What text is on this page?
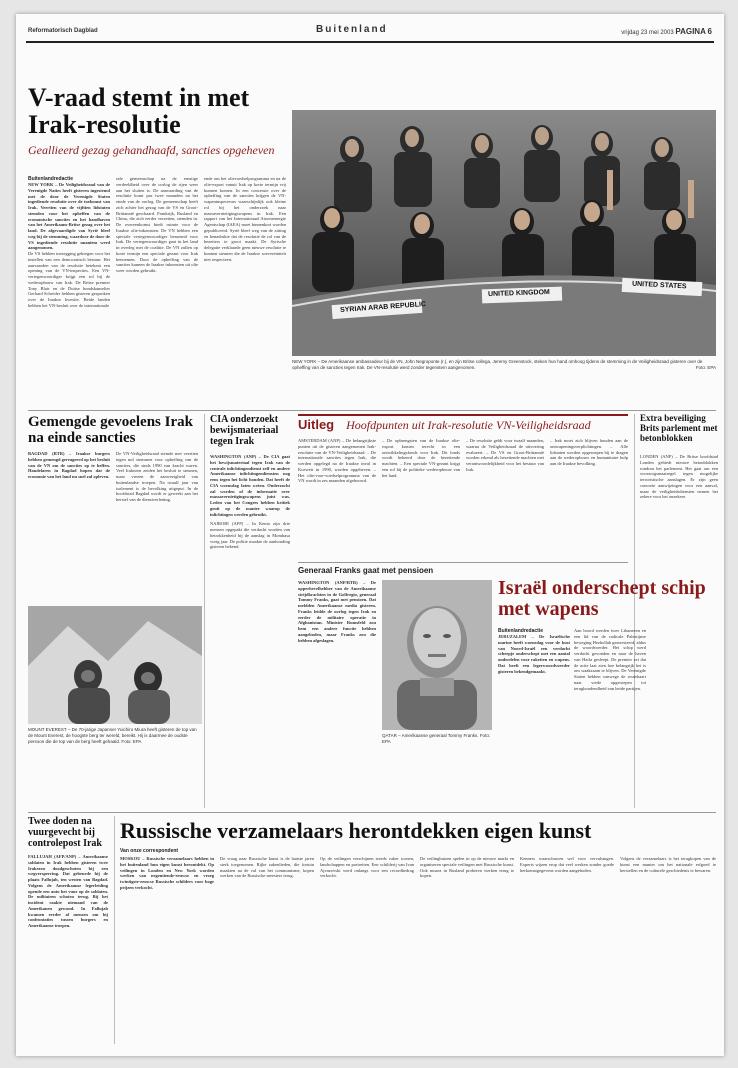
Reformatorisch Dagblad	Buitenland	vrijdag 23 mei 2003 PAGINA 6
V-raad stemt in met Irak-resolutie
Geallieerd gezag gehandhaafd, sancties opgeheven
Buitenlandredactie

NEW YORK – De Veiligheidsraad van de Verenigde Naties heeft gisteren ingestemd met de door de Verenigde Staten ingediende resolutie over de toekomst van Irak. Veertien van de vijftien lidstaten stemden voor het opheffen van de economische sancties en het handhaven van het Amerikaans-Britse gezag over het land. De afgevaardigde van Syrië bleef weg bij de stemming, waardoor de door de VS ingediende resolutie unaniem werd aangenomen.

De VS hebben toezegging gekregen voor het instellen van een democratisch bestuur. Het aanvaarden van de resolutie betekent een opening van de VN-inspecties. Een VN-vertegenwoordiger krijgt een rol bij de wederopbouw van Irak. De Britse premier Tony Blair en de Duitse bondskanselier Gerhard Schröder hebben gisteren gesproken over de Iraakse kwestie. Beide landen hebben het VN-besluit over de internationale

rale gemeenschap na de ernstige verdeeldheid over de oorlog de rijen weer aan het sluiten is. De aanvaarding van de resolutie komt pas twee maanden na het einde van de oorlog. De gemeenschap heeft zich achter het gezag van de VS en Groot-Brittannië geschaard. Frankrijk, Rusland en China, die zich eerder verzetten, stemden in. De overeenkomst biedt ruimte voor de Iraakse olie-inkomsten. De VN hebben een speciale vertegenwoordiger benoemd voor Irak. De vertegenwoordiger gaat in het land in overleg met de coalitie. De VN zullen op korte termijn een speciale gezant voor Irak benoemen. Door de opheffing van de sancties kunnen de Iraakse inkomsten uit olie weer worden gebruikt.

ende om het olievoedselprogramma en na de olie-export vanuit Irak op korte termijn vrij kunnen komen. In een concessie over de opheffing van de sancties krijgen de VN-wapeninspecteurs waarschijnlijk ook kleine rol bij het onderzoek naar massavernietigingswapens in Irak. Een rapport van het Internationaal Atoomenergie Agentschap (IAEA) moet binnenkort worden gepubliceerd. Syrië bleef weg van de zitting en benadrukte dat de resolutie de rol van de bezetters te groot maakt. De Syrische delegatie verklaarde geen nieuwe resolutie te kunnen steunen die de Iraakse soevereiniteit niet respecteert.

SYRIAN ARAB REPUBLIC
UNITED KINGDOM
UNITED STATES
NEW YORK – De Amerikaanse ambassadeur bij de VN, John Negroponte (r.), en zijn Britse collega, Jeremy Greenstock, steken hun hand omhoog tijdens de stemming in de Veiligheidsraad gisteren over de opheffing van de sancties tegen Irak. De VN-resolutie werd zonder tegenstem aangenomen.	Foto: EPA
Gemengde gevoelens Irak na einde sancties

BAGDAD (RTR) – Iraakse burgers hebben gemengd gereageerd op het besluit van de VN om de sancties op te heffen. Handelaren in Bagdad hopen dat de economie van het land nu snel zal opleven.

De VN-Veiligheidsraad stemde met veertien tegen nul stemmen voor opheffing van de sancties, die sinds 1990 van kracht waren. Veel Irakezen zeiden het besluit te steunen, maar vrezen de aanwezigheid van buitenlandse troepen. Na twaalf jaar van isolement is de bevolking uitgeput. In de hoofdstad Bagdad wordt er gewerkt aan het herstel van de dienstverlening.

CIA onderzoekt bewijsmateriaal tegen Irak

WASHINGTON (ANP) – De CIA gaat het bewijsmateriaal tegen Irak van de centrale inlichtingendienst zelf en andere Amerikaanse inlichtingendiensten nog eens tegen het licht houden. Dat heeft de CIA woensdag laten weten. Onderzocht zal worden of de informatie over massavernietigingswapens juist was. Leden van het Congres hebben kritiek geuit op de manier waarop de inlichtingen werden gebruikt.

NAIROBI (AFP) – In Kenia zijn drie mensen opgepakt die verdacht worden van betrokkenheid bij de aanslag in Mombasa vorig jaar. De politie maakte de aanhouding gisteren bekend.

MOUNT EVEREST – De 70-jarige Japanner Yuichiro Miura heeft gisteren de top van de Mount Everest, de hoogste berg ter wereld, bereikt. Hij is daarmee de oudste persoon die de top van de berg heeft gehaald. Foto: EPA
Uitleg Hoofdpunten uit Irak-resolutie VN-Veiligheidsraad

AMSTERDAM (ANP) – De belangrijkste punten uit de gisteren aangenomen Irak-resolutie van de VN-Veiligheidsraad: – De internationale sancties tegen Irak, die werden opgelegd na de Iraakse inval in Koeweit in 1990, worden opgeheven. – Het olie-voor-voedselprogramma van de VN wordt in zes maanden afgebouwd.

– De opbrengsten van de Iraakse olie-export komen terecht in een ontwikkelingsfonds voor Irak. Dit fonds wordt beheerd door de bezettende machten. – Een speciale VN-gezant krijgt een rol bij de politieke wederopbouw van het land.

– De resolutie geldt voor twaalf maanden, waarna de Veiligheidsraad de uitvoering evalueert. – De VS en Groot-Brittannië worden erkend als bezettende machten met verantwoordelijkheid voor het bestuur van Irak.

– Irak moet zich blijven houden aan de ontwapeningsverplichtingen. – Alle lidstaten worden opgeroepen bij te dragen aan de wederopbouw en humanitaire hulp aan de Iraakse bevolking.

Extra beveiliging Brits parlement met betonblokken

LONDEN (ANP) – De Britse hoofdstad Londen gebiedt nieuwe betonblokken rondom het parlement. Het gaat om een voorzorgsmaatregel tegen mogelijke terroristische aanslagen. Er zijn geen concrete aanwijzingen voor een aanval, maar de veiligheidsdiensten nemen het zekere voor het onzekere.

Generaal Franks gaat met pensioen

WASHINGTON (ANP/RTR) – De opperbevelhebber van de Amerikaanse strijdkrachten in de Golfregio, generaal Tommy Franks, gaat met pensioen. Dat meldden Amerikaanse media gisteren. Franks leidde de oorlog tegen Irak en eerder de militaire operatie in Afghanistan. Minister Rumsfeld zou hem een andere functie hebben aangeboden, maar Franks zou die hebben afgeslagen.

QATAR – Amerikaanse generaal Tommy Franks. Foto: EPA
Israël onderschept schip met wapens
Buitenlandredactie

JERUZALEM – De Israëlische marine heeft woensdag voor de kust van Noord-Israël een verdacht scheepje onderschept met een aantal onderdelen voor raketten en wapens. Dat heeft een legerwoordvoerder gisteren bekendgemaakt.

Aan boord werden twee Libanezen en een lid van de radicale Palestijnse beweging Hezbollah gearresteerd, aldus de woordvoerder. Het schip werd verdacht gevonden en naar de haven van Haifa gesleept. De premier zei dat de actie laat zien hoe belangrijk het is om waakzaam te blijven. De Verenigde Staten hebben vanwege de routekaart naar vrede opgeroepen tot terughoudendheid van beide partijen.

Twee doden na vuurgevecht bij controlepost Irak

FALLUJAH (AFP/ANP) – Amerikaanse soldaten in Irak hebben gisteren twee Irakezen doodgeschoten bij een wegversperring. Dat gebeurde bij de plaats Fallujah, ten westen van Bagdad. Volgens de Amerikaanse legerleiding opende een auto het vuur op de soldaten. De militairen schoten terug. Bij het incident raakte niemand van de Amerikanen gewond. In Fallujah kwamen eerder al mensen om bij confrontaties tussen burgers en Amerikaanse troepen.

Russische verzamelaars herontdekken eigen kunst
Van onze correspondent

MOSKOU – Russische verzamelaars hebben in het buitenland hun eigen kunst herontdekt. Op veilingen in Londen en New York worden werken van negentiende-eeuwse en vroeg twintigste-eeuwse Russische schilders voor hoge prijzen verkocht.

De vraag naar Russische kunst is de laatste jaren sterk toegenomen. Rijke zakenlieden, die fortuin maakten na de val van het communisme, kopen werken van de Russische meesters terug.

Op de veilingen verschijnen steeds vaker iconen, landschappen en portretten. Een schilderij van Ivan Ajvazovski werd onlangs voor een recordbedrag verkocht.

De veilinghuizen spelen in op de nieuwe markt en organiseren speciale veilingen met Russische kunst. Ook musea in Rusland proberen werken terug te kopen.

Kenners waarschuwen wel voor vervalsingen. Experts wijzen erop dat veel werken zonder goede herkomstgegevens worden aangeboden.

Volgens de verzamelaars is het terugkopen van de kunst een manier om het nationale erfgoed te herstellen en de culturele geschiedenis te bewaren.
